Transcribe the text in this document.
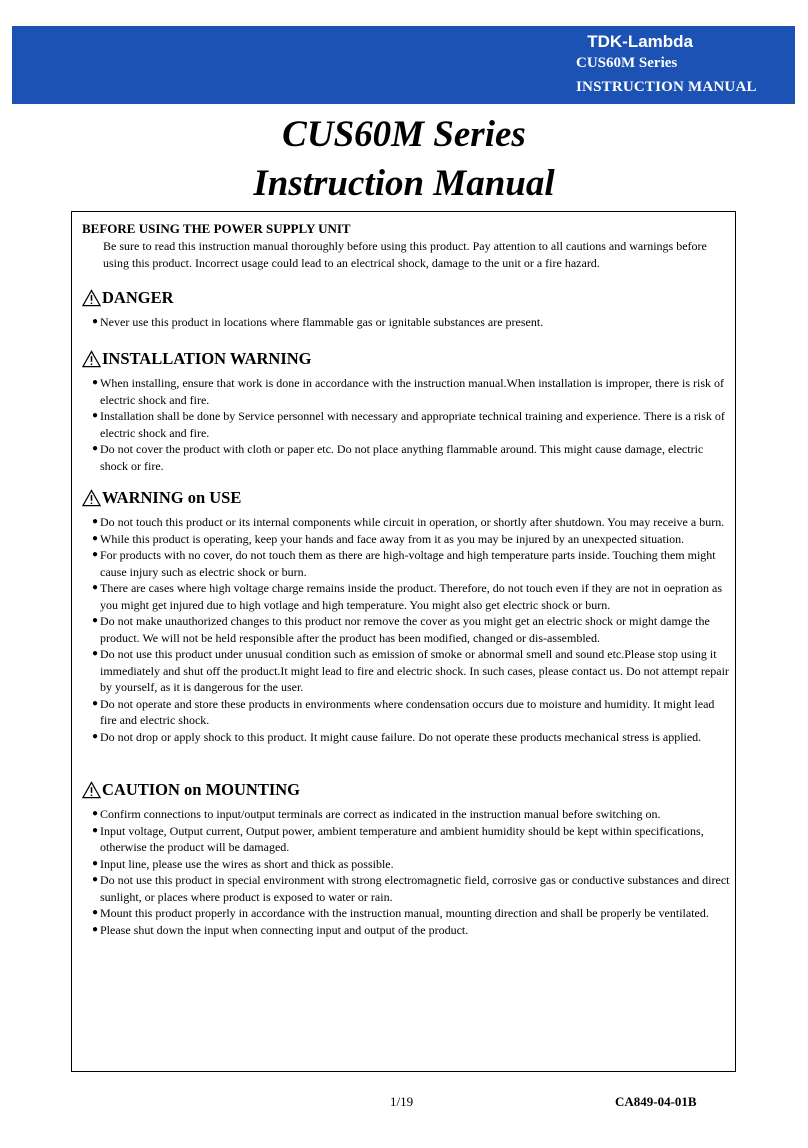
TDK-Lambda
CUS60M Series
INSTRUCTION MANUAL
CUS60M Series
Instruction Manual
BEFORE USING THE POWER SUPPLY UNIT
Be sure to read this instruction manual thoroughly before using this product. Pay attention to all cautions and warnings before using this product. Incorrect usage could lead to an electrical shock, damage to the unit or a fire hazard.
DANGER
● Never use this product in locations where flammable gas or ignitable substances are present.
INSTALLATION WARNING
● When installing, ensure that work is done in accordance with the instruction manual.When installation is improper, there is risk of electric shock and fire.
● Installation shall be done by Service personnel with necessary and appropriate technical training and experience. There is a risk of electric shock and fire.
● Do not cover the product with cloth or paper etc. Do not place anything flammable around. This might cause damage, electric shock or fire.
WARNING on USE
● Do not touch this product or its internal components while circuit in operation, or shortly after shutdown. You may receive a burn.
● While this product is operating, keep your hands and face away from it as you may be injured by an unexpected situation.
● For products with no cover, do not touch them as there are high-voltage and high temperature parts inside. Touching them might cause injury such as electric shock or burn.
● There are cases where high voltage charge remains inside the product. Therefore, do not touch even if they are not in oepration as you might get injured due to high votlage and high temperature. You might also get electric shock or burn.
● Do not make unauthorized changes to this product nor remove the cover as you might get an electric shock or might damge the product. We will not be held responsible after the product has been modified, changed or dis-assembled.
● Do not use this product under unusual condition such as emission of smoke or abnormal smell and sound etc.Please stop using it immediately and shut off the product.It might lead to fire and electric shock. In such cases, please contact us. Do not attempt repair by yourself, as it is dangerous for the user.
● Do not operate and store these products in environments where condensation occurs due to moisture and humidity. It might lead fire and electric shock.
● Do not drop or apply shock to this product. It might cause failure. Do not operate these products mechanical stress is applied.
CAUTION on MOUNTING
● Confirm connections to input/output terminals are correct as indicated in the instruction manual before switching on.
● Input voltage, Output current, Output power, ambient temperature and ambient humidity should be kept within specifications, otherwise the product will be damaged.
● Input line, please use the wires as short and thick as possible.
● Do not use this product in special environment with strong electromagnetic field, corrosive gas or conductive substances and direct sunlight, or places where product is exposed to water or rain.
● Mount this product properly in accordance with the instruction manual, mounting direction and shall be properly be ventilated.
● Please shut down the input when connecting input and output of the product.
1/19	CA849-04-01B
